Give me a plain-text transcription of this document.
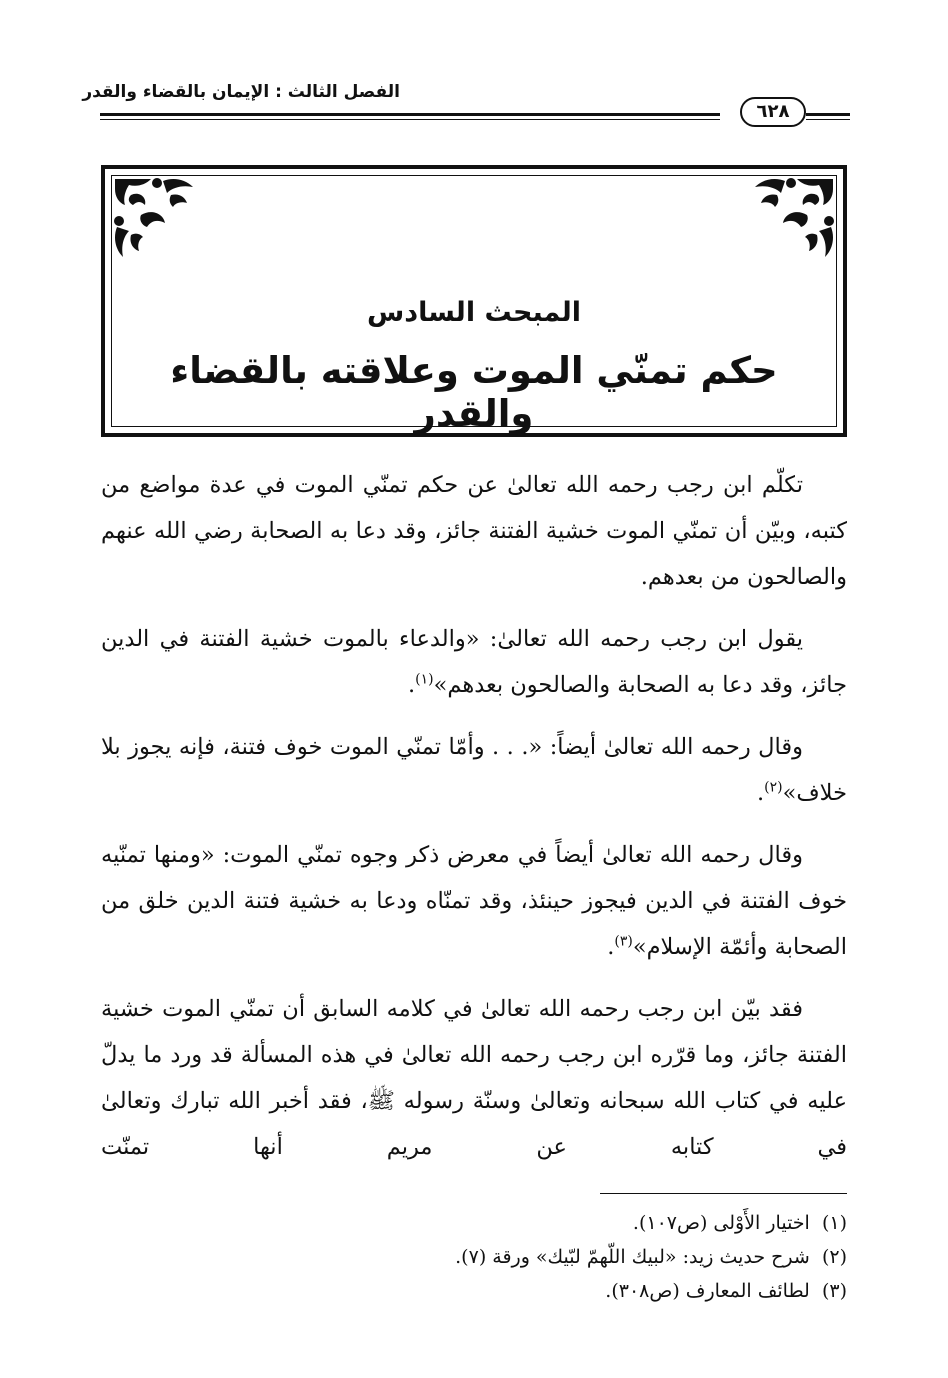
الفصل الثالث : الإيمان بالقضاء والقدر
٦٢٨
المبحث السادس
حكم تمنّي الموت وعلاقته بالقضاء والقدر

تكلّم ابن رجب رحمه الله تعالىٰ عن حكم تمنّي الموت في عدة مواضع من كتبه، وبيّن أن تمنّي الموت خشية الفتنة جائز، وقد دعا به الصحابة رضي الله عنهم والصالحون من بعدهم.

يقول ابن رجب رحمه الله تعالىٰ: «والدعاء بالموت خشية الفتنة في الدين جائز، وقد دعا به الصحابة والصالحون بعدهم»$^{(١)}$.

وقال رحمه الله تعالىٰ أيضاً: «. . . وأمّا تمنّي الموت خوف فتنة، فإنه يجوز بلا خلاف»$^{(٢)}$.

وقال رحمه الله تعالىٰ أيضاً في معرض ذكر وجوه تمنّي الموت: «ومنها تمنّيه خوف الفتنة في الدين فيجوز حينئذ، وقد تمنّاه ودعا به خشية فتنة الدين خلق من الصحابة وأئمّة الإسلام»$^{(٣)}$.

فقد بيّن ابن رجب رحمه الله تعالىٰ في كلامه السابق أن تمنّي الموت خشية الفتنة جائز، وما قرّره ابن رجب رحمه الله تعالىٰ في هذه المسألة قد ورد ما يدلّ عليه في كتاب الله سبحانه وتعالىٰ وسنّة رسوله ﷺ، فقد أخبر الله تبارك وتعالىٰ في كتابه عن مريم أنها تمنّت

(١)  اختيار الأَوْلى (ص١٠٧).
(٢)  شرح حديث زيد: «لبيك اللّهمّ لبّيك» ورقة (٧).
(٣)  لطائف المعارف (ص٣٠٨).
